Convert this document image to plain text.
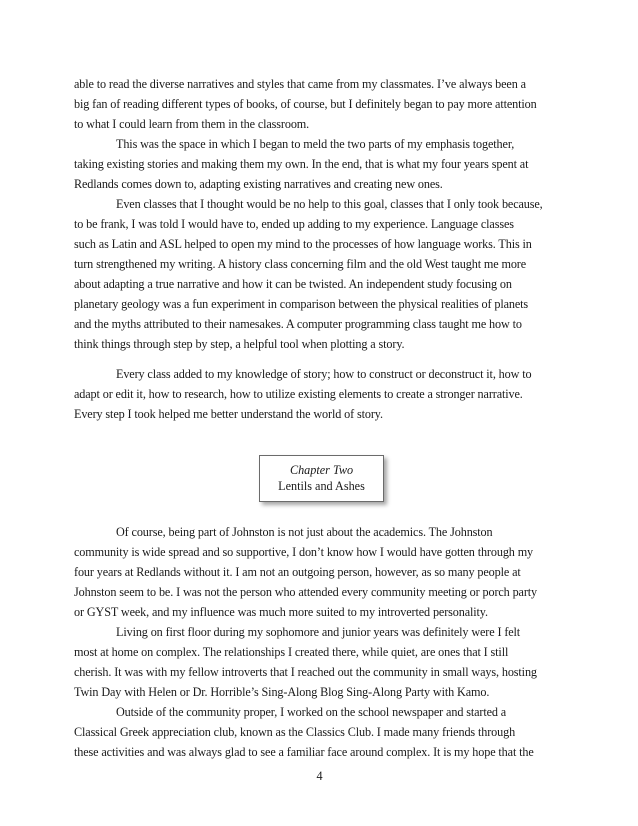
able to read the diverse narratives and styles that came from my classmates. I’ve always been a
big fan of reading different types of books, of course, but I definitely began to pay more attention
to what I could learn from them in the classroom.
This was the space in which I began to meld the two parts of my emphasis together,
taking existing stories and making them my own. In the end, that is what my four years spent at
Redlands comes down to, adapting existing narratives and creating new ones.
Even classes that I thought would be no help to this goal, classes that I only took because,
to be frank, I was told I would have to, ended up adding to my experience. Language classes
such as Latin and ASL helped to open my mind to the processes of how language works. This in
turn strengthened my writing. A history class concerning film and the old West taught me more
about adapting a true narrative and how it can be twisted. An independent study focusing on
planetary geology was a fun experiment in comparison between the physical realities of planets
and the myths attributed to their namesakes. A computer programming class taught me how to
think things through step by step, a helpful tool when plotting a story.
Every class added to my knowledge of story; how to construct or deconstruct it, how to
adapt or edit it, how to research, how to utilize existing elements to create a stronger narrative.
Every step I took helped me better understand the world of story.
Chapter Two
Lentils and Ashes
Of course, being part of Johnston is not just about the academics. The Johnston
community is wide spread and so supportive, I don’t know how I would have gotten through my
four years at Redlands without it. I am not an outgoing person, however, as so many people at
Johnston seem to be. I was not the person who attended every community meeting or porch party
or GYST week, and my influence was much more suited to my introverted personality.
Living on first floor during my sophomore and junior years was definitely were I felt
most at home on complex. The relationships I created there, while quiet, are ones that I still
cherish. It was with my fellow introverts that I reached out the community in small ways, hosting
Twin Day with Helen or Dr. Horrible’s Sing-Along Blog Sing-Along Party with Kamo.
Outside of the community proper, I worked on the school newspaper and started a
Classical Greek appreciation club, known as the Classics Club. I made many friends through
these activities and was always glad to see a familiar face around complex. It is my hope that the
4
